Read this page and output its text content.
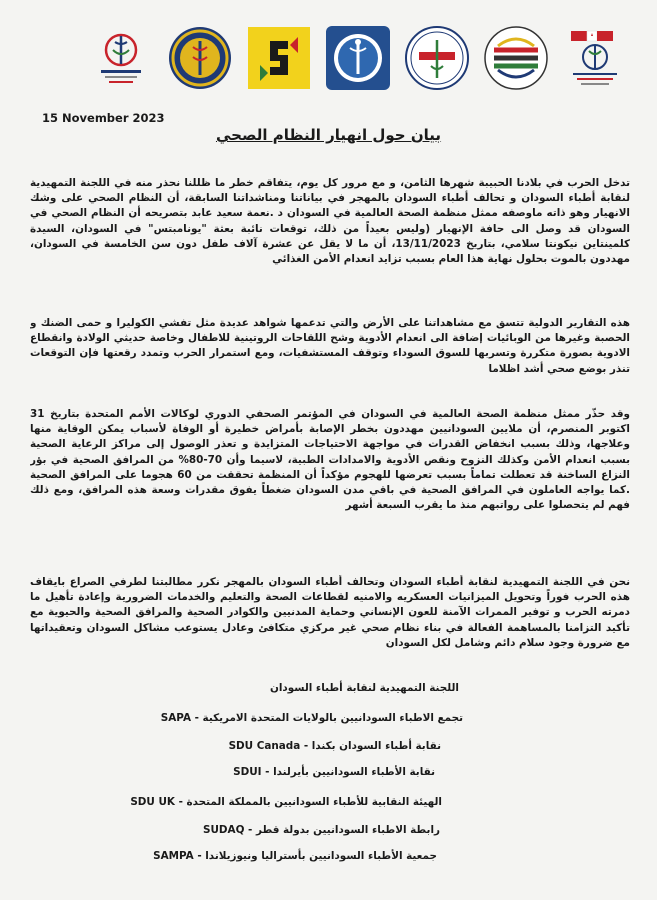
15 November 2023
بيان حول انهيار النظام الصحي
تدخل الحرب في بلادنا الحبيبة شهرها الثامن، و مع مرور كل يوم، يتفاقم خطر ما ظللنا نحذر منه في اللجنة التمهيدية لنقابة أطباء السودان و تحالف أطباء السودان بالمهجر في بياناتنا ومناشداتنا السابقة، أن النظام الصحي على وشك الانهيار وهو ذاته ماوصفه ممثل منظمة الصحة العالمية في السودان د .نعمة سعيد عابد بتصريحه أن النظام الصحي في السودان قد وصل الى حافة الإنهيار (وليس بعيداً من ذلك، توقعات نائبة بعثة "يونامبتس" في السودان، السيدة كلمينتاين نيكونتا سلامي، بتاريخ 13/11/2023، أن ما لا يقل عن عشرة آلاف طفل دون سن الخامسة في السودان، مهددون بالموت بحلول نهاية هذا العام بسبب تزايد انعدام الأمن الغذائي
هذه التقارير الدولية تتسق مع مشاهداتنا على الأرض والتي تدعمها شواهد عديدة مثل تفشي الكوليرا و حمى الضنك و الحصبة وغيرها من الوبائيات إضافة الى انعدام الأدوية وشح اللقاحات الروتينية للاطفال وخاصة حديثي الولادة وانقطاع الادوية بصورة متكررة وتسربها للسوق السوداء وتوقف المستشفيات، ومع استمرار الحرب وتمدد رقعتها فإن التوقعات تنذر بوضع صحي أشد اظلاما
وقد حذّر ممثل منظمة الصحة العالمية في السودان في المؤتمر الصحفي الدوري لوكالات الأمم المتحدة بتاريخ 31 اكتوبر المنصرم، أن ملايين السودانيين مهددون بخطر الإصابة بأمراض خطيرة أو الوفاة لأسباب يمكن الوقاية منها وعلاجها، وذلك بسبب انخفاض القدرات في مواجهة الاحتياجات المتزايدة و تعذر الوصول إلى مراكز الرعاية الصحية بسبب انعدام الأمن وكذلك النزوح ونقص الأدوية والامدادات الطبية، لاسيما وأن 70-80% من المرافق الصحية في بؤر النزاع الساخنة قد تعطلت تماماً بسبب تعرضها للهجوم مؤكداً أن المنظمة تحققت من 60 هجوما على المرافق الصحية .كما يواجه العاملون في المرافق الصحية في باقي مدن السودان ضغطاً يفوق مقدرات وسعة هذه المرافق، ومع ذلك فهم لم يتحصلوا على رواتبهم منذ ما يقرب السبعة أشهر
نحن في اللجنة التمهيدية لنقابة أطباء السودان وتحالف أطباء السودان بالمهجر نكرر مطالبتنا لطرفي الصراع بايقاف هذه الحرب فوراً وتحويل الميزانيات العسكريه والامنيه لقطاعات الصحة والتعليم والخدمات الضرورية وإعادة تأهيل ما دمرته الحرب و توفير الممرات الآمنة للعون الإنساني وحماية المدنيين والكوادر الصحية والمرافق الصحية والحيوية مع تأكيد التزامنا بالمساهمة الفعالة في بناء نظام صحي غير مركزي متكافئ وعادل يستوعب مشاكل السودان وتعقيداتها مع ضرورة وجود سلام دائم وشامل لكل السودان
اللجنة التمهيدية لنقابة أطباء السودان
تجمع الاطباء السودانيين بالولايات المتحدة الامريكية - SAPA
نقابة أطباء السودان بكندا - SDU Canada
نقابة الأطباء السودانيين بأيرلندا - SDUI
الهيئة النقابية للأطباء السودانيين بالمملكة المتحدة - SDU UK
رابطة الاطباء السودانيين بدولة قطر - SUDAQ
جمعية الأطباء السودانيين بأستراليا ونيوزيلاندا - SAMPA
